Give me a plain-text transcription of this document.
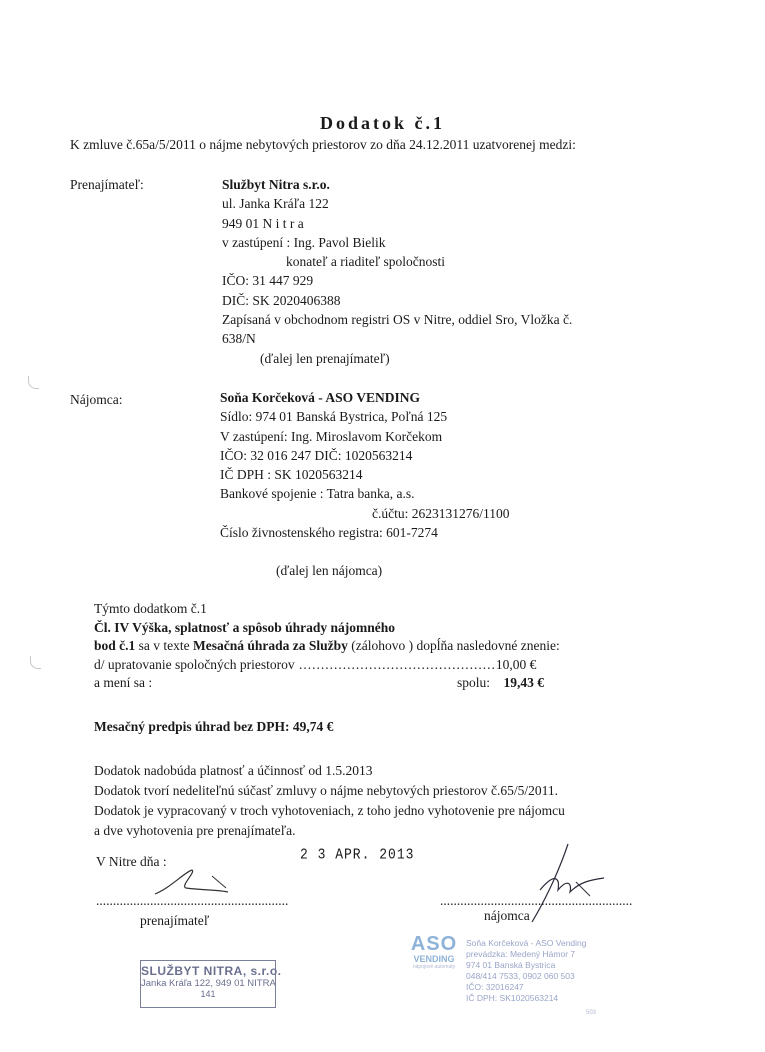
Dodatok č.1
K zmluve č.65a/5/2011 o nájme nebytových priestorov zo dňa 24.12.2011 uzatvorenej medzi:
Prenajímateľ:	Službyt Nitra s.r.o.
ul. Janka Kráľa 122
949 01 N i t r a
v zastúpení : Ing. Pavol Bielik
konateľ a riaditeľ spoločnosti
IČO: 31 447 929
DIČ: SK 2020406388
Zapísaná v obchodnom registri OS v Nitre, oddiel Sro, Vložka č.
638/N
(ďalej len prenajímateľ)
Nájomca:	Soňa Korčeková - ASO VENDING
Sídlo: 974 01 Banská Bystrica, Poľná 125
V zastúpení: Ing. Miroslavom Korčekom
IČO: 32 016 247 DIČ: 1020563214
IČ DPH : SK 1020563214
Bankové spojenie : Tatra banka, a.s.
č.účtu: 2623131276/1100
Číslo živnostenského registra: 601-7274
(ďalej len nájomca)
Týmto dodatkom č.1
Čl. IV Výška, splatnosť a spôsob úhrady nájomného
bod č.1 sa v texte Mesačná úhrada za Služby (zálohovo ) dopĺňa nasledovné znenie:
d/ upratovanie spoločných priestorov .............................................10,00 €
a mení sa :	spolu: 19,43 €
Mesačný predpis úhrad bez DPH: 49,74 €
Dodatok nadobúda platnosť a účinnosť od 1.5.2013
Dodatok tvorí nedeliteľnú súčasť zmluvy o nájme nebytových priestorov č.65/5/2011.
Dodatok je vypracovaný v troch vyhotoveniach, z toho jedno vyhotovenie pre nájomcu
a dve vyhotovenia pre prenajímateľa.
V Nitre dňa :	2 3 APR. 2013
.........................................................	.........................................................
prenajímateľ	nájomca
SLUŽBYT NITRA, s.r.o.
Janka Kráľa 122, 949 01 NITRA
141
ASO
VENDING
nápojové automaty
Soňa Korčeková - ASO Vending
prevádzka: Medený Hámor 7
974 01 Banská Bystrica
048/414 7533, 0902 060 503
IČO: 32016247
IČ DPH: SK1020563214
503
